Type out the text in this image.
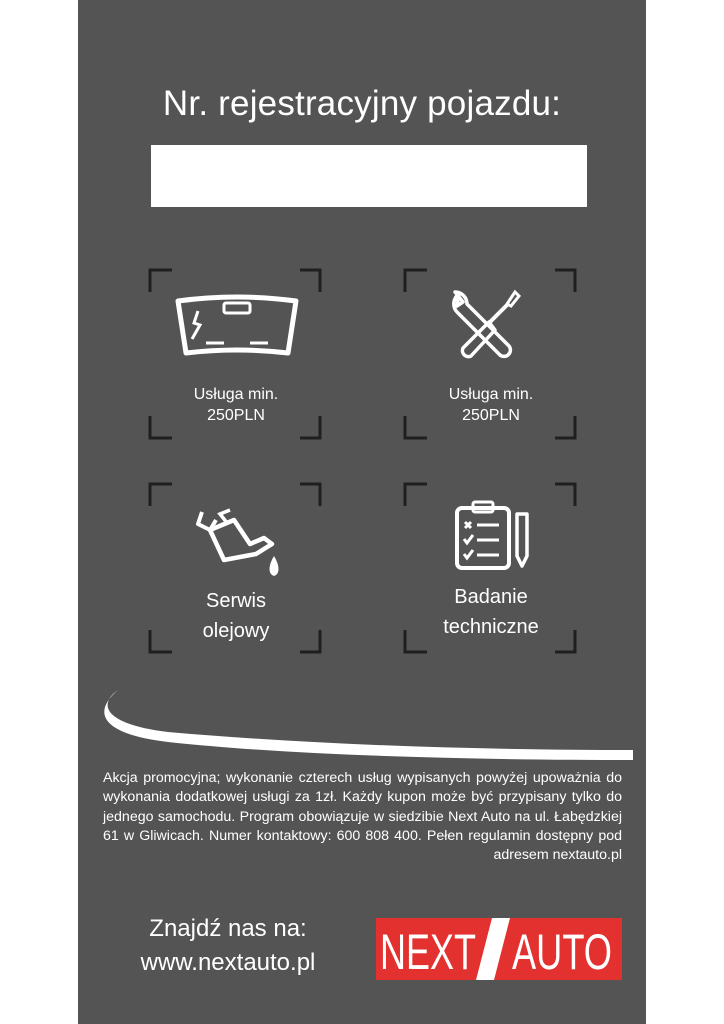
Nr. rejestracyjny pojazdu:
Usługa min.
250PLN
Usługa min.
250PLN
Serwis
olejowy
Badanie
techniczne
Akcja promocyjna; wykonanie czterech usług wypisanych powyżej upoważnia do wykonania dodatkowej usługi za 1zł. Każdy kupon może być przypisany tylko do jednego samochodu. Program obowiązuje w siedzibie Next Auto na ul. Łabędzkiej 61 w Gliwicach. Numer kontaktowy: 600 808 400. Pełen regulamin dostępny pod adresem nextauto.pl
Znajdź nas na:
www.nextauto.pl	NEXT AUTO
